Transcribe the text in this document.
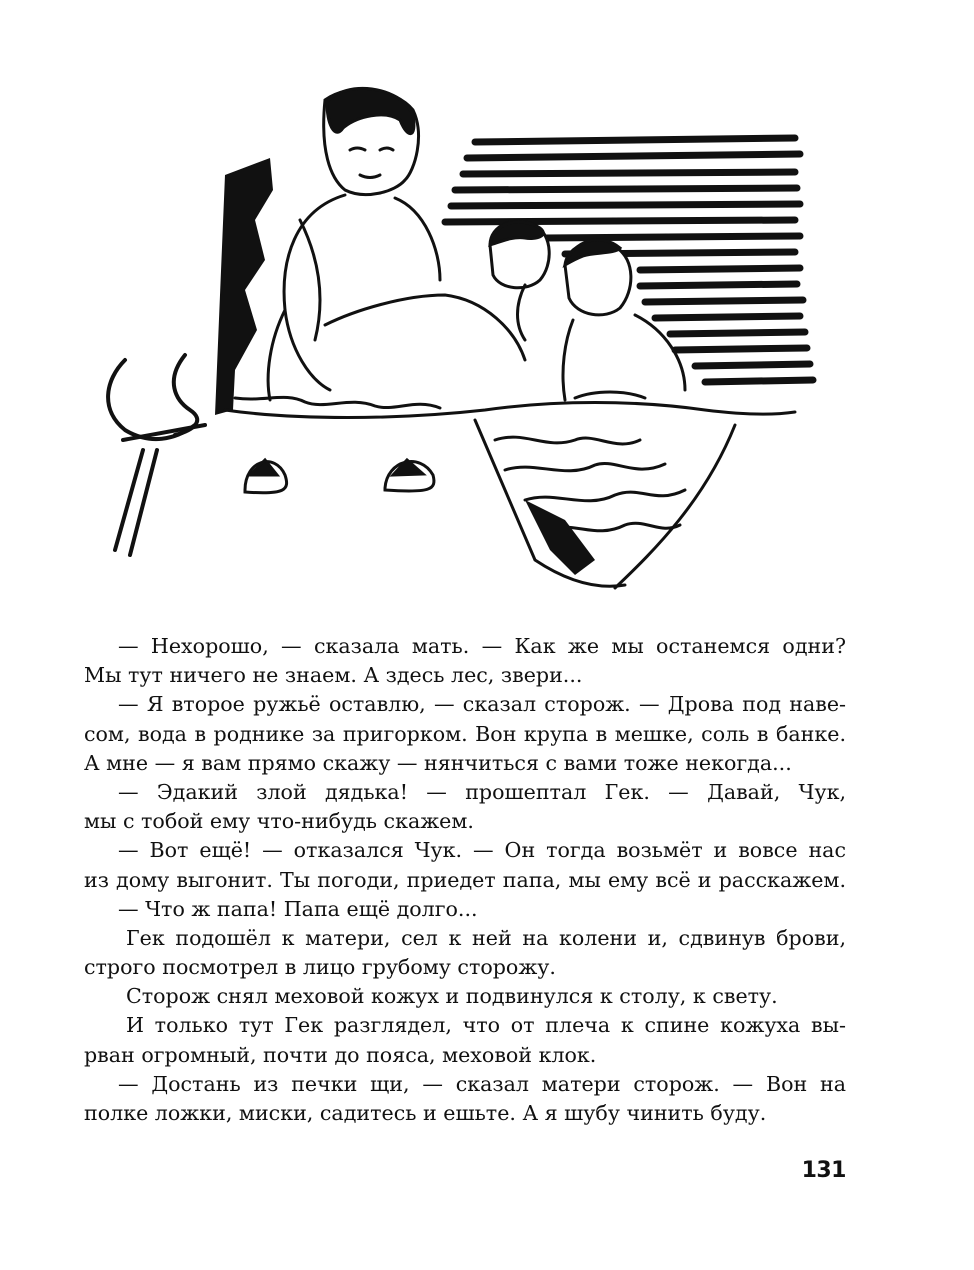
— Нехорошо, — сказала мать. — Как же мы останемся одни?
Мы тут ничего не знаем. А здесь лес, звери...
— Я второе ружьё оставлю, — сказал сторож. — Дрова под наве-
сом, вода в роднике за пригорком. Вон крупа в мешке, соль в банке.
А мне — я вам прямо скажу — нянчиться с вами тоже некогда...
— Эдакий злой дядька! — прошептал Гек. — Давай, Чук,
мы с тобой ему что-нибудь скажем.
— Вот ещё! — отказался Чук. — Он тогда возьмёт и вовсе нас
из дому выгонит. Ты погоди, приедет папа, мы ему всё и расскажем.
— Что ж папа! Папа ещё долго...
Гек подошёл к матери, сел к ней на колени и, сдвинув брови,
строго посмотрел в лицо грубому сторожу.
Сторож снял меховой кожух и подвинулся к столу, к свету.
И только тут Гек разглядел, что от плеча к спине кожуха вы-
рван огромный, почти до пояса, меховой клок.
— Достань из печки щи, — сказал матери сторож. — Вон на
полке ложки, миски, садитесь и ешьте. А я шубу чинить буду.
131
